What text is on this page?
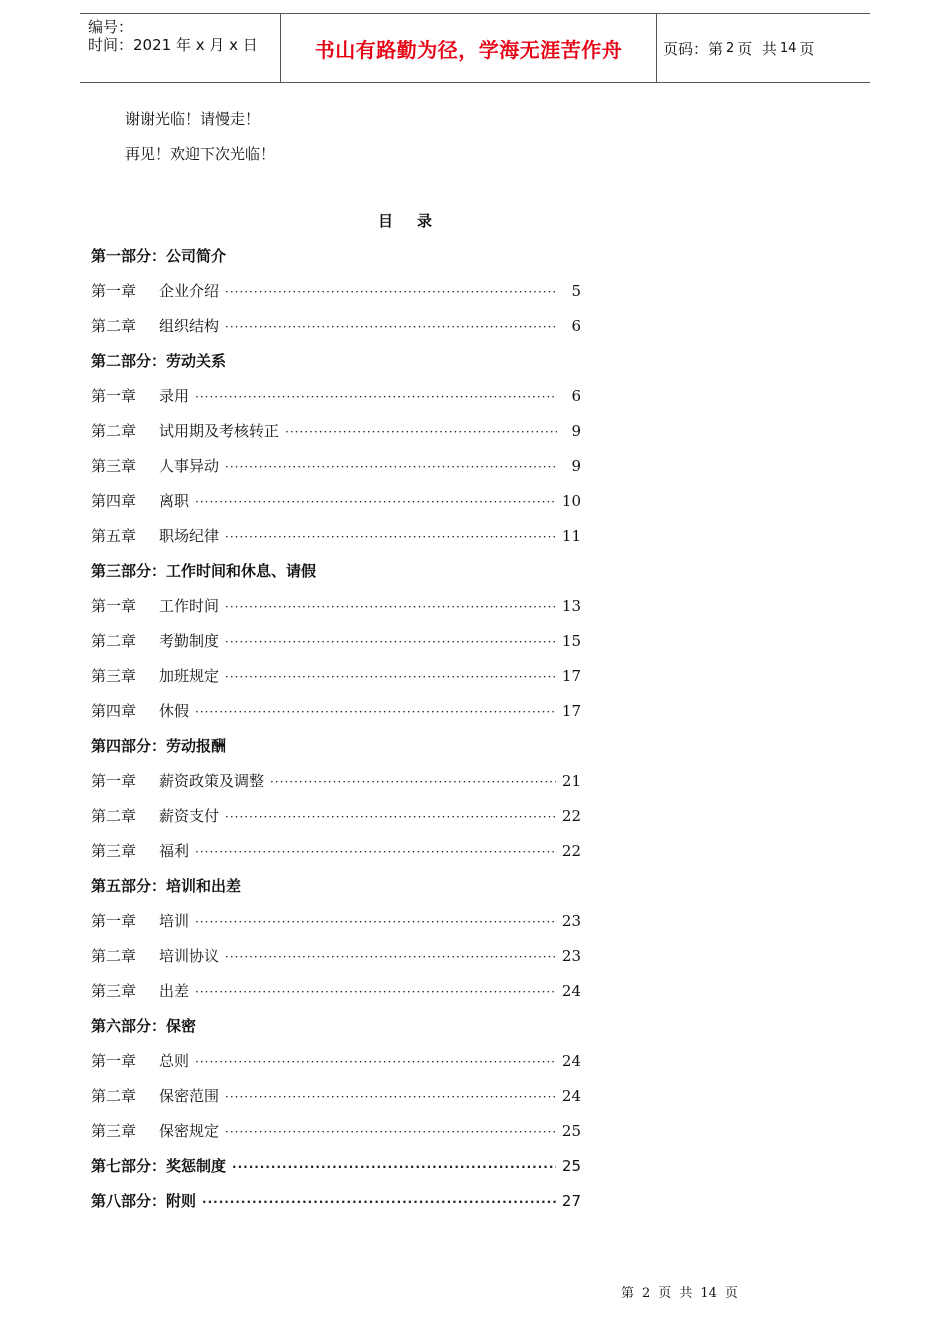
编号：
时间：2021 年 x 月 x 日	书山有路勤为径，学海无涯苦作舟	页码：第 2 页  共 14 页
谢谢光临！请慢走！
再见！欢迎下次光临！
目 录
第一部分：公司简介
第一章	企业介绍 ·····	5
第二章	组织结构 ·····	6
第二部分：劳动关系
第一章	录用 ·····	6
第二章	试用期及考核转正 ·····	9
第三章	人事异动 ·····	9
第四章	离职 ·····	10
第五章	职场纪律 ·····	11
第三部分：工作时间和休息、请假
第一章	工作时间 ·····	13
第二章	考勤制度 ·····	15
第三章	加班规定 ·····	17
第四章	休假 ·····	17
第四部分：劳动报酬
第一章	薪资政策及调整 ·····	21
第二章	薪资支付 ·····	22
第三章	福利 ·····	22
第五部分：培训和出差
第一章	培训 ·····	23
第二章	培训协议 ·····	23
第三章	出差 ·····	24
第六部分：保密
第一章	总则 ·····	24
第二章	保密范围 ·····	24
第三章	保密规定 ·····	25
第七部分：奖惩制度 ·····	25
第八部分：附则 ·····	27
第 2 页 共 14 页
